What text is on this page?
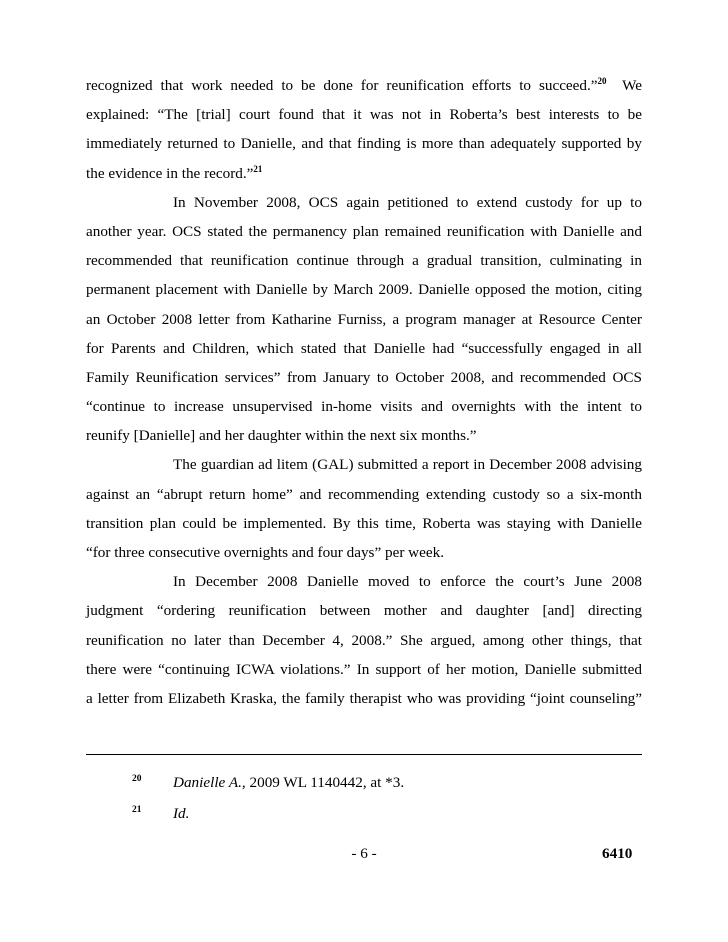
recognized that work needed to be done for reunification efforts to succeed.”$^{20}$  We
explained: “The [trial] court found that it was not in Roberta’s best interests to be
immediately returned to Danielle, and that finding is more than adequately supported by
the evidence in the record.”$^{21}$
In November 2008, OCS again petitioned to extend custody for up to
another year. OCS stated the permanency plan remained reunification with Danielle and
recommended that reunification continue through a gradual transition, culminating in
permanent placement with Danielle by March 2009. Danielle opposed the motion, citing
an October 2008 letter from Katharine Furniss, a program manager at Resource Center
for Parents and Children, which stated that Danielle had “successfully engaged in all
Family Reunification services” from January to October 2008, and recommended OCS
“continue to increase unsupervised in-home visits and overnights with the intent to
reunify [Danielle] and her daughter within the next six months.”
The guardian ad litem (GAL) submitted a report in December 2008 advising
against an “abrupt return home” and recommending extending custody so a six-month
transition plan could be implemented. By this time, Roberta was staying with Danielle
“for three consecutive overnights and four days” per week.
In December 2008 Danielle moved to enforce the court’s June 2008
judgment “ordering reunification between mother and daughter [and] directing
reunification no later than December 4, 2008.” She argued, among other things, that
there were “continuing ICWA violations.” In support of her motion, Danielle submitted
a letter from Elizabeth Kraska, the family therapist who was providing “joint counseling”
20 Danielle A., 2009 WL 1140442, at *3.
21 Id.
- 6 -	6410
